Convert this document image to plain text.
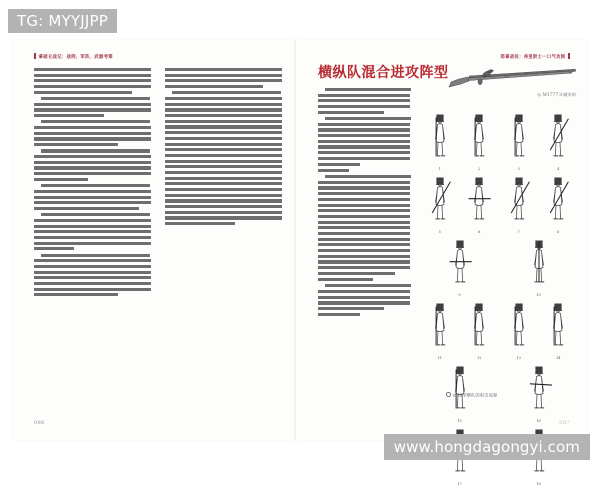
拿破仑战记：战例、军阵、武器考察
086
耶拿战役：弗里斯士一口气攻倒
横纵队混合进攻阵型
◎ M1777式燧发枪
1	2	3	4
5	6	7	8
9	10
11	12	13	14
15	16
17	18
◎ 线型横队的射击流程
087
TG: MYYJJPP
www.hongdagongyi.com
